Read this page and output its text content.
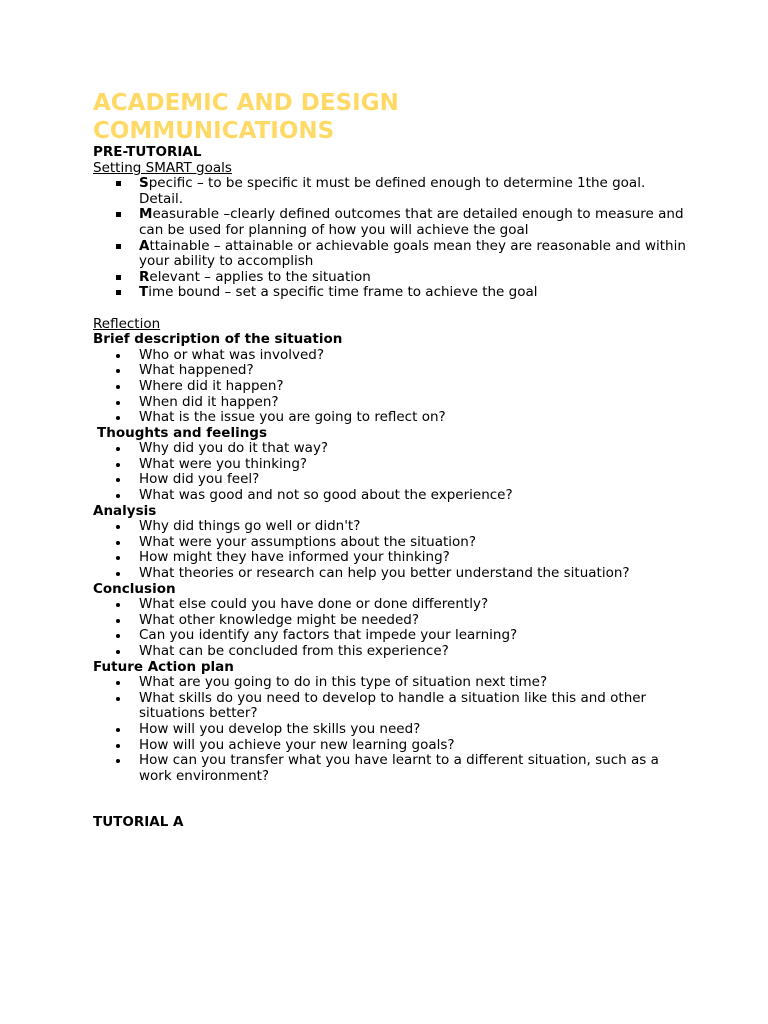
ACADEMIC AND DESIGN
COMMUNICATIONS
PRE-TUTORIAL
Setting SMART goals
Specific – to be specific it must be defined enough to determine 1the goal. Detail.
Measurable –clearly defined outcomes that are detailed enough to measure and can be used for planning of how you will achieve the goal
Attainable – attainable or achievable goals mean they are reasonable and within your ability to accomplish
Relevant – applies to the situation
Time bound – set a specific time frame to achieve the goal
Reflection
Brief description of the situation
Who or what was involved?
What happened?
Where did it happen?
When did it happen?
What is the issue you are going to reflect on?
Thoughts and feelings
Why did you do it that way?
What were you thinking?
How did you feel?
What was good and not so good about the experience?
Analysis
Why did things go well or didn't?
What were your assumptions about the situation?
How might they have informed your thinking?
What theories or research can help you better understand the situation?
Conclusion
What else could you have done or done differently?
What other knowledge might be needed?
Can you identify any factors that impede your learning?
What can be concluded from this experience?
Future Action plan
What are you going to do in this type of situation next time?
What skills do you need to develop to handle a situation like this and other situations better?
How will you develop the skills you need?
How will you achieve your new learning goals?
How can you transfer what you have learnt to a different situation, such as a work environment?
TUTORIAL A
